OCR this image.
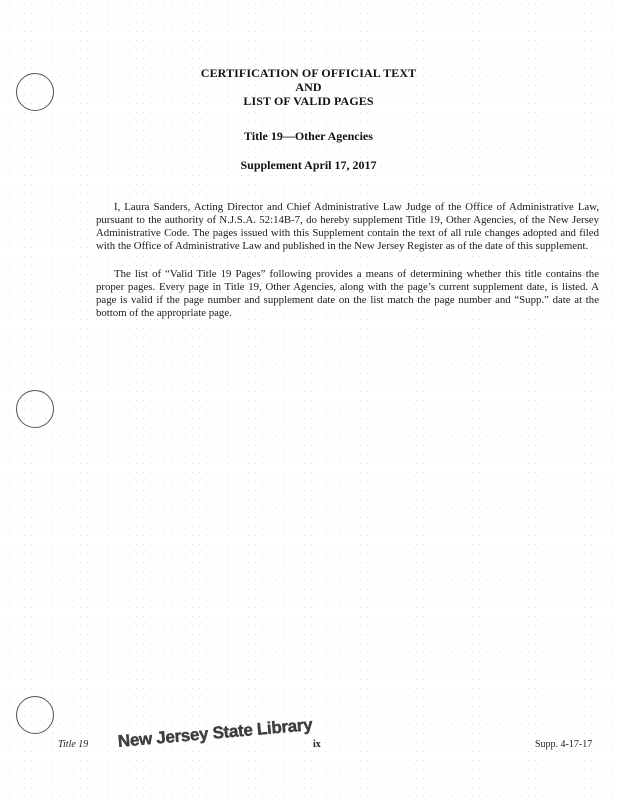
CERTIFICATION OF OFFICIAL TEXT
AND
LIST OF VALID PAGES
Title 19—Other Agencies
Supplement April 17, 2017
I, Laura Sanders, Acting Director and Chief Administrative Law Judge of the Office of Administrative Law, pursuant to the authority of N.J.S.A. 52:14B-7, do hereby supplement Title 19, Other Agencies, of the New Jersey Administrative Code. The pages issued with this Supplement contain the text of all rule changes adopted and filed with the Office of Administrative Law and published in the New Jersey Register as of the date of this supplement.
The list of “Valid Title 19 Pages” following provides a means of determining whether this title contains the proper pages. Every page in Title 19, Other Agencies, along with the page’s current supplement date, is listed. A page is valid if the page number and supplement date on the list match the page number and “Supp.” date at the bottom of the appropriate page.
Title 19 New Jersey State Library ix	Supp. 4-17-17
